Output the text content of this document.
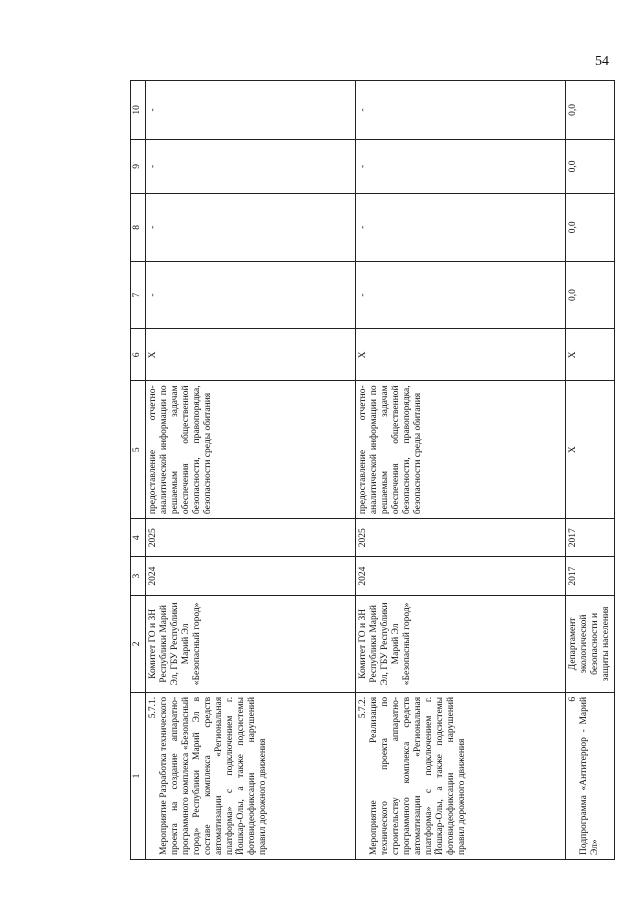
54
1	2	3	4	5	6	7	8	9	10

5.7.1. Мероприятие Разработка технического проекта на создание аппаратно-программного комплекса «Безопасный город» Республики Марий Эл в составе комплекса средств автоматизации «Региональная платформа» с подключением г. Йошкар-Олы, а также подсистемы фотовидеофиксации нарушений правил дорожного движения	Комитет ГО и ЗН Республики Марий Эл, ГБУ Республики Марий Эл «Безопасный город»	2024	2025	предоставление отчетно-аналитической информации по решаемым задачам обеспечения общественной безопасности, правопорядка, безопасности среды обитания	X	-	-	-	-

5.7.2. Мероприятие Реализация технического проекта по строительству аппаратно-программного комплекса средств автоматизации «Региональная платформа» с подключением г. Йошкар-Олы, а также подсистемы фотовидеофиксации нарушений правил дорожного движения	Комитет ГО и ЗН Республики Марий Эл, ГБУ Республики Марий Эл «Безопасный город»	2024	2025	предоставление отчетно-аналитической информации по решаемым задачам обеспечения общественной безопасности, правопорядка, безопасности среды обитания	X	-	-	-	-

6 Подпрограмма «Антитеррор - Марий Эл»	Департамент экологической безопасности и защиты населения	2017	2017	X	X	0,0	0,0	0,0	0,0
